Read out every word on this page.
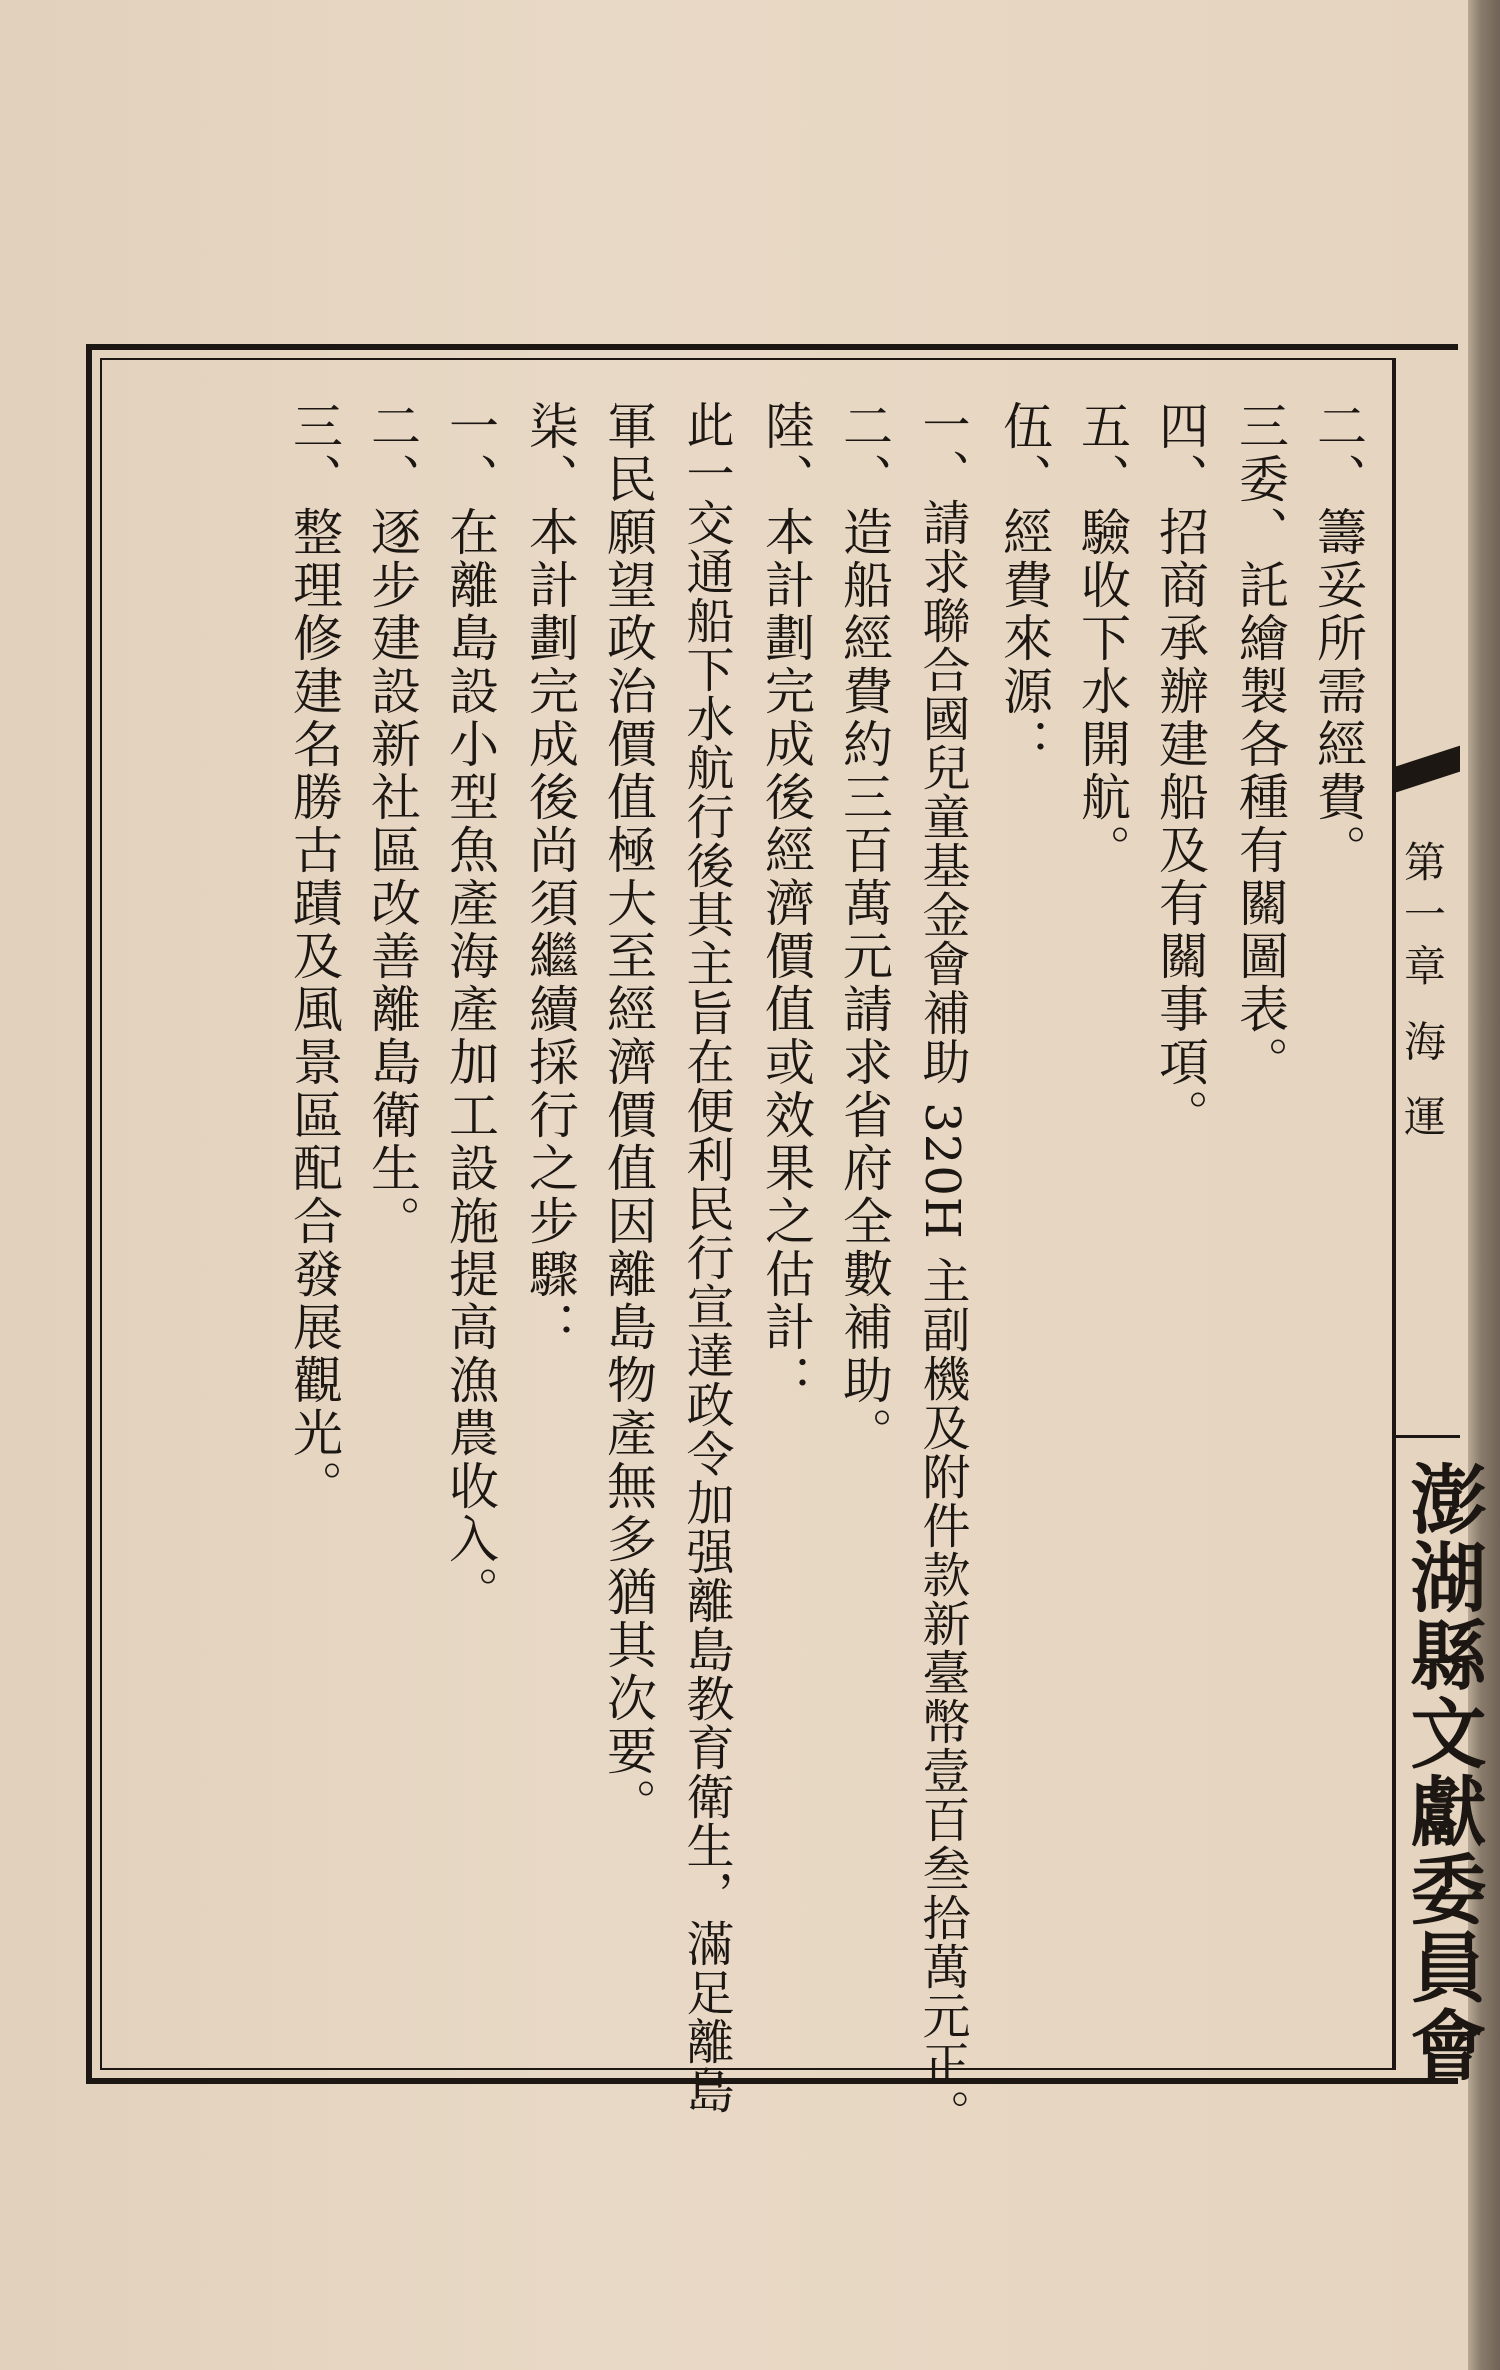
第一章 海 運
澎湖縣文獻委員會
二、籌妥所需經費。
三委、託繪製各種有關圖表。
四、招商承辦建船及有關事項。
五、驗收下水開航。
伍、經費來源：
一、請求聯合國兒童基金會補助 320H 主副機及附件款新臺幣壹百叁拾萬元正。
二、造船經費約三百萬元請求省府全數補助。
陸、本計劃完成後經濟價值或效果之估計：
此一交通船下水航行後其主旨在便利民行宣達政令加强離島教育衛生，滿足離島
軍民願望政治價值極大至經濟價值因離島物產無多猶其次要。
柒、本計劃完成後尚須繼續採行之步驟：
一、在離島設小型魚產海產加工設施提高漁農收入。
二、逐步建設新社區改善離島衛生。
三、整理修建名勝古蹟及風景區配合發展觀光。
